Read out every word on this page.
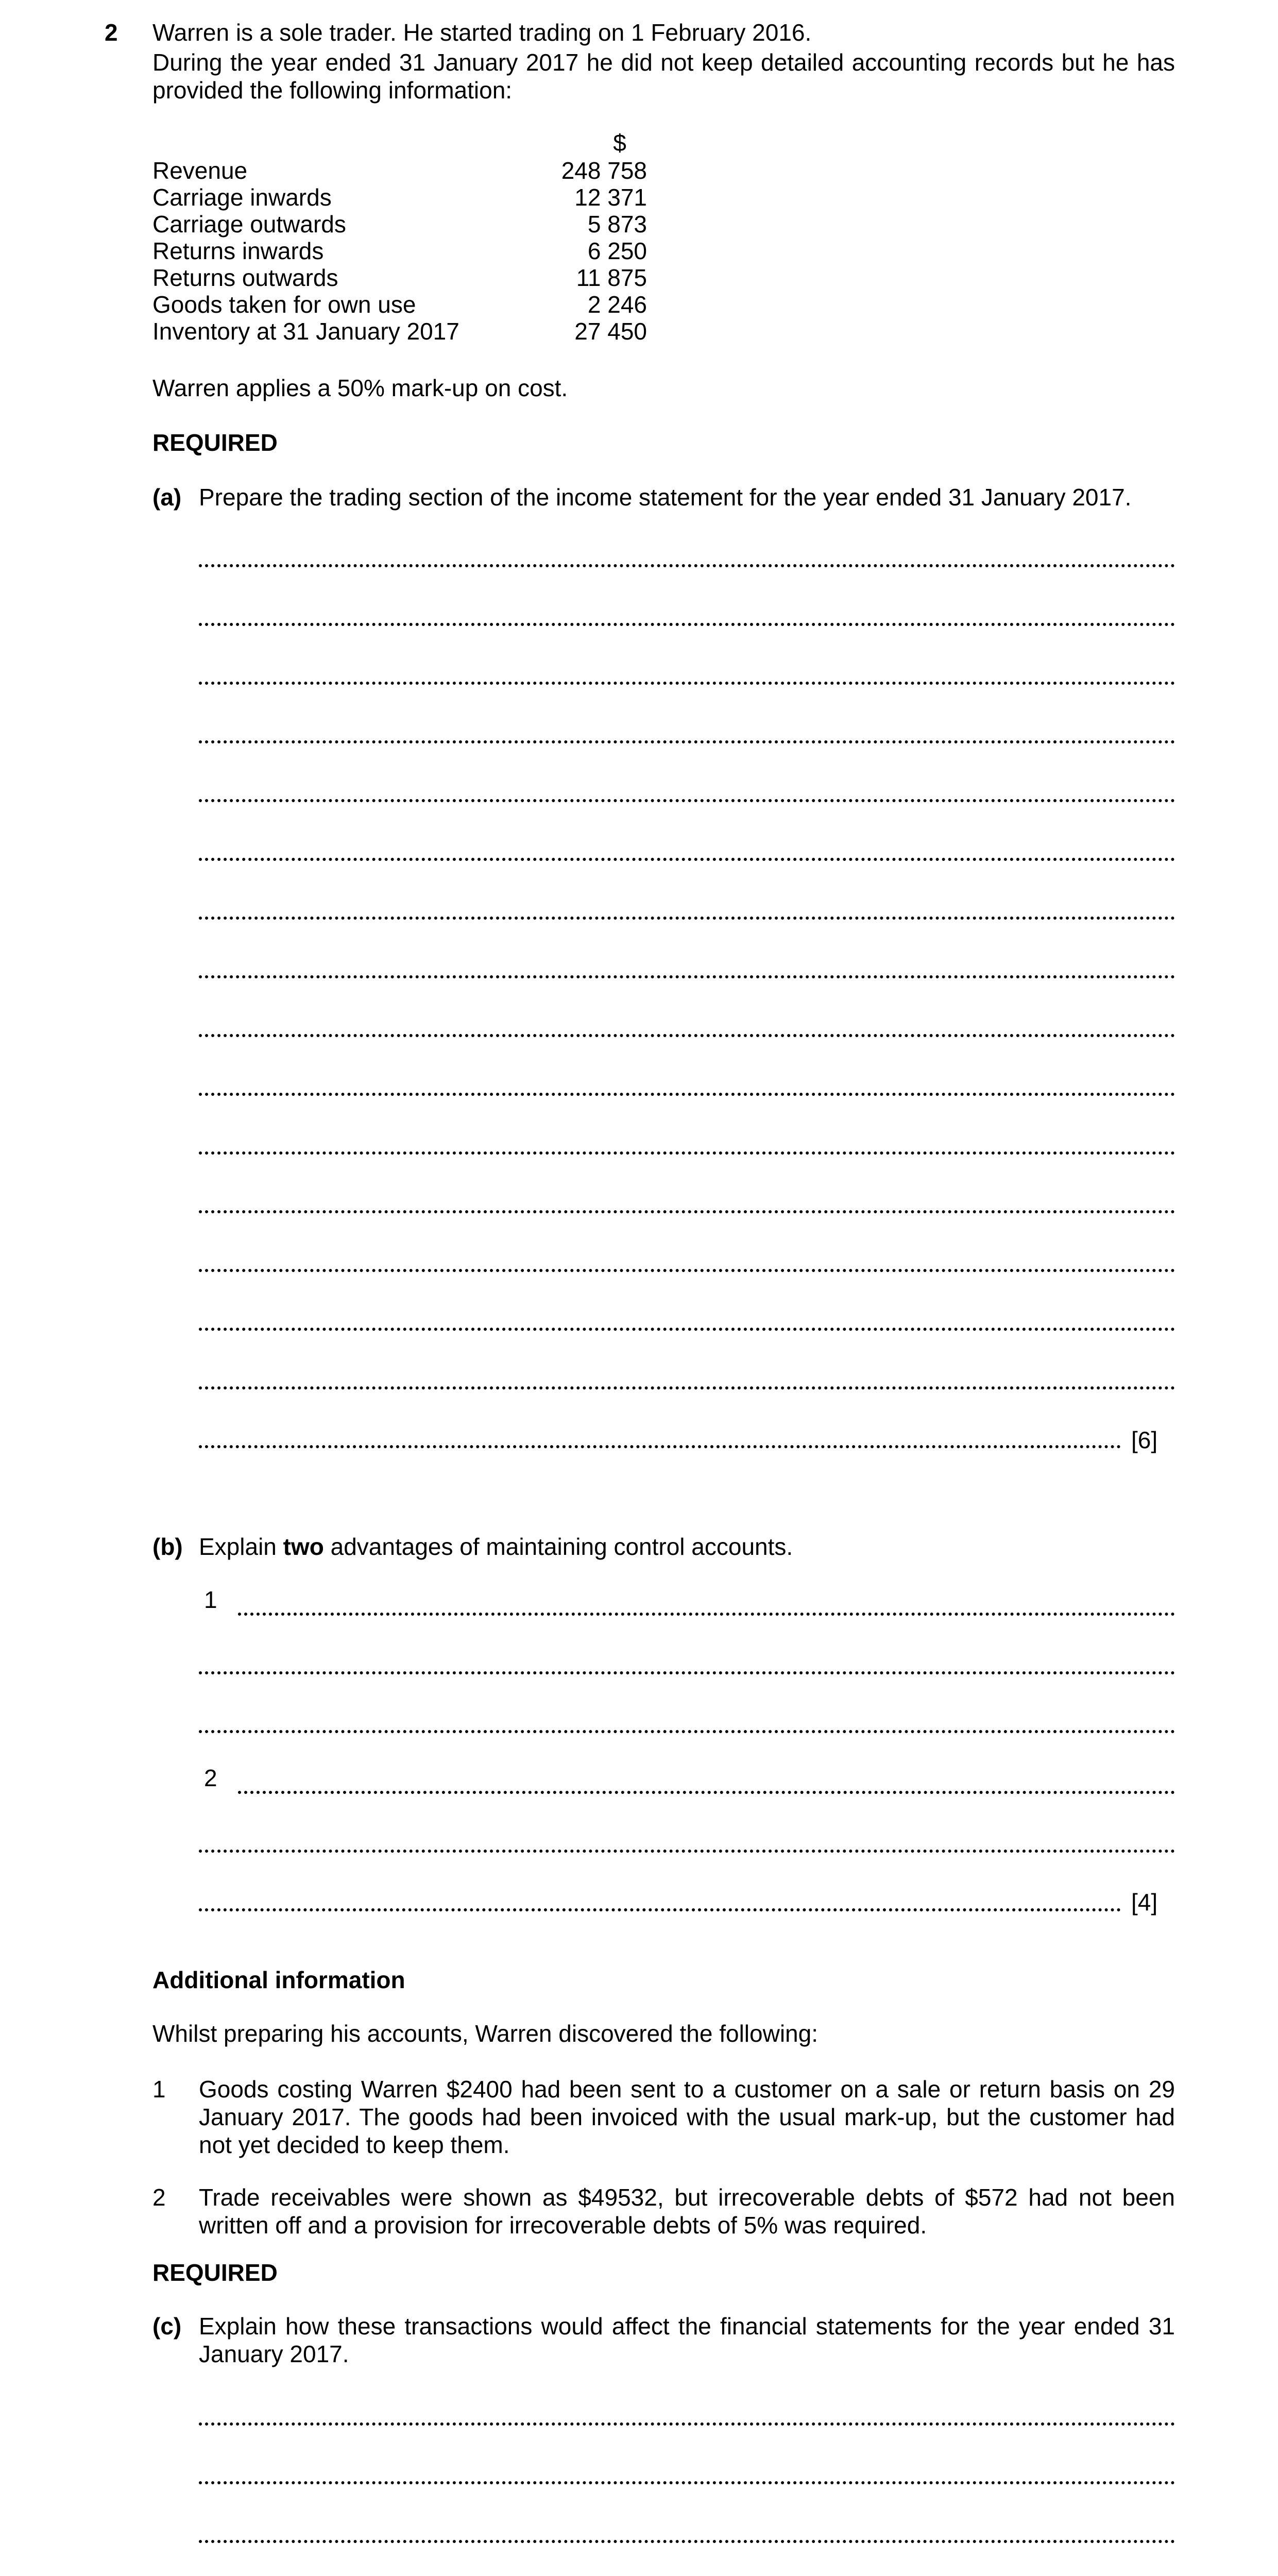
2 Warren is a sole trader. He started trading on 1 February 2016.

During the year ended 31 January 2017 he did not keep detailed accounting records but he has provided the following information:

$
Revenue	248 758
Carriage inwards	12 371
Carriage outwards	5 873
Returns inwards	6 250
Returns outwards	11 875
Goods taken for own use	2 246
Inventory at 31 January 2017	27 450

Warren applies a 50% mark-up on cost.

REQUIRED
(a) Prepare the trading section of the income statement for the year ended 31 January 2017.

[6]
(b) Explain two advantages of maintaining control accounts.

1
2
[4]
Additional information

Whilst preparing his accounts, Warren discovered the following:

1 Goods costing Warren $2400 had been sent to a customer on a sale or return basis on 29 January 2017. The goods had been invoiced with the usual mark-up, but the customer had not yet decided to keep them.

2 Trade receivables were shown as $49532, but irrecoverable debts of $572 had not been written off and a provision for irrecoverable debts of 5% was required.

REQUIRED
(c) Explain how these transactions would affect the financial statements for the year ended 31 January 2017.
